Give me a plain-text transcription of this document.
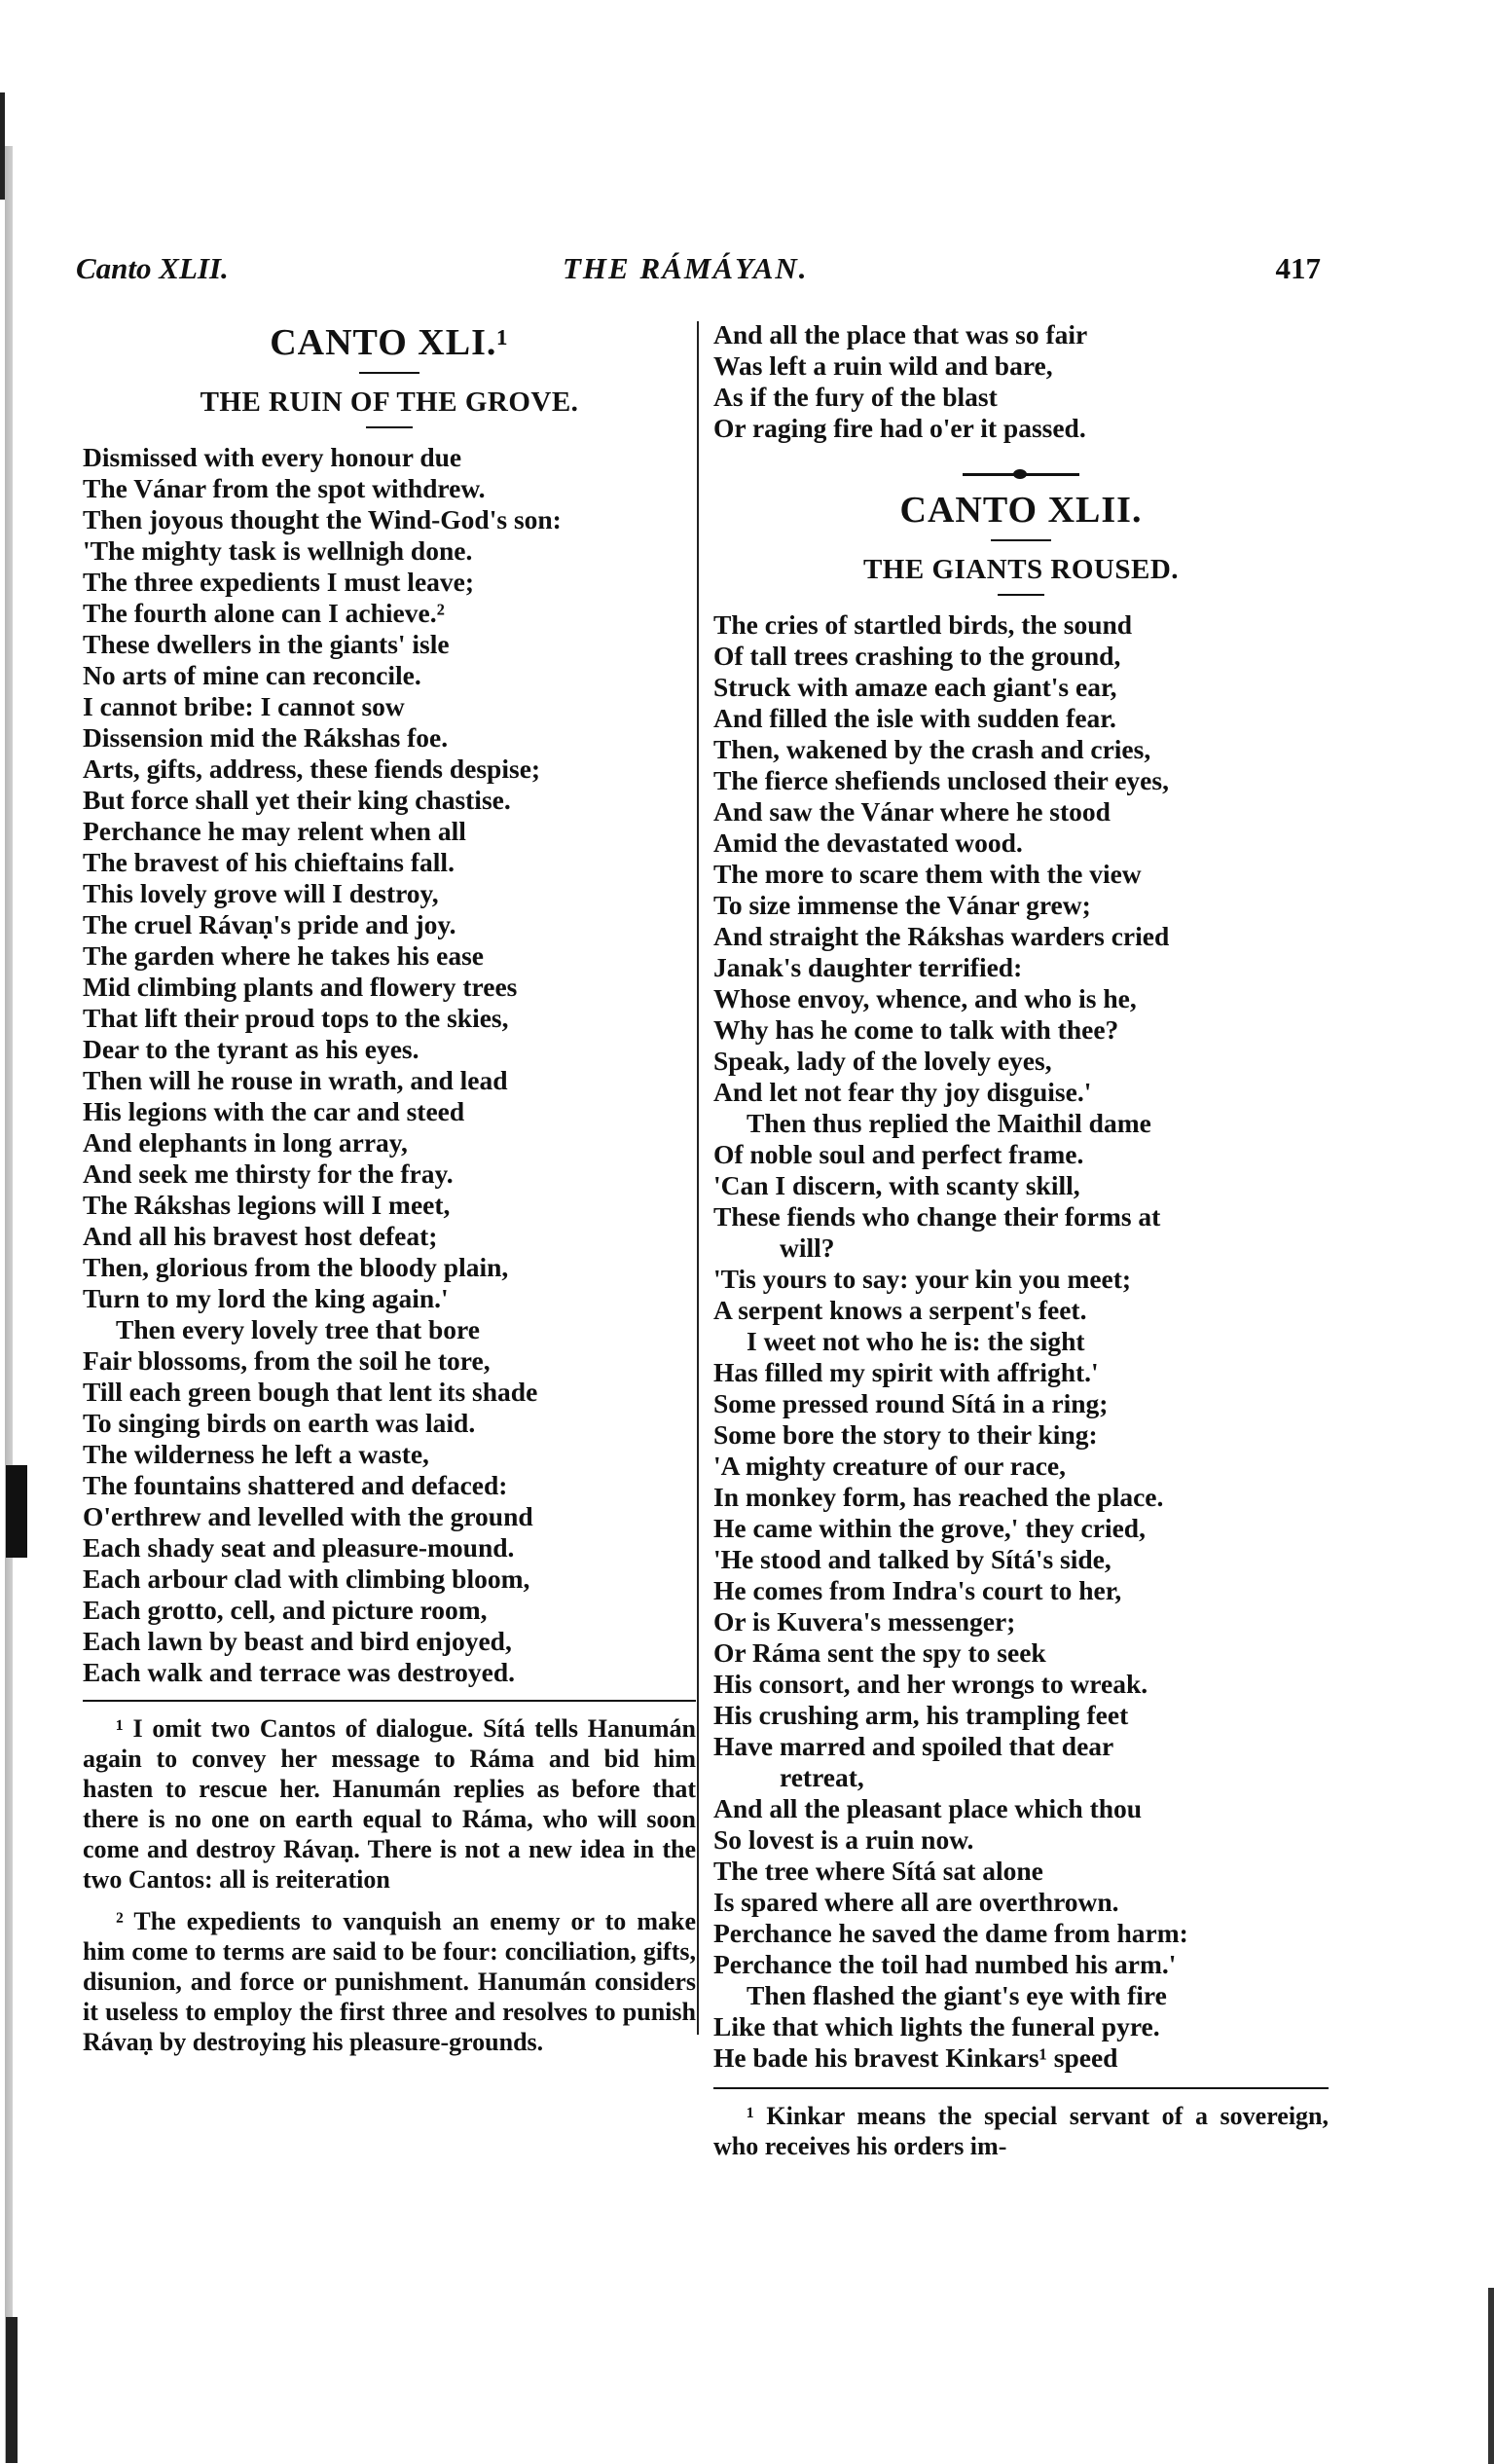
Canto XLII.	THE RÁMÁYAN.	417
CANTO XLI.¹
THE RUIN OF THE GROVE.
Dismissed with every honour due
The Vánar from the spot withdrew.
Then joyous thought the Wind-God's son:
'The mighty task is wellnigh done.
The three expedients I must leave;
The fourth alone can I achieve.²
These dwellers in the giants' isle
No arts of mine can reconcile.
I cannot bribe: I cannot sow
Dissension mid the Rákshas foe.
Arts, gifts, address, these fiends despise;
But force shall yet their king chastise.
Perchance he may relent when all
The bravest of his chieftains fall.
This lovely grove will I destroy,
The cruel Rávaṇ's pride and joy.
The garden where he takes his ease
Mid climbing plants and flowery trees
That lift their proud tops to the skies,
Dear to the tyrant as his eyes.
Then will he rouse in wrath, and lead
His legions with the car and steed
And elephants in long array,
And seek me thirsty for the fray.
The Rákshas legions will I meet,
And all his bravest host defeat;
Then, glorious from the bloody plain,
Turn to my lord the king again.'
Then every lovely tree that bore
Fair blossoms, from the soil he tore,
Till each green bough that lent its shade
To singing birds on earth was laid.
The wilderness he left a waste,
The fountains shattered and defaced:
O'erthrew and levelled with the ground
Each shady seat and pleasure-mound.
Each arbour clad with climbing bloom,
Each grotto, cell, and picture room,
Each lawn by beast and bird enjoyed,
Each walk and terrace was destroyed.

¹ I omit two Cantos of dialogue. Sítá tells Hanumán again to convey her message to Ráma and bid him hasten to rescue her. Hanumán replies as before that there is no one on earth equal to Ráma, who will soon come and destroy Rávaṇ. There is not a new idea in the two Cantos: all is reiteration

² The expedients to vanquish an enemy or to make him come to terms are said to be four: conciliation, gifts, disunion, and force or punishment. Hanumán considers it useless to employ the first three and resolves to punish Rávaṇ by destroying his pleasure-grounds.

And all the place that was so fair
Was left a ruin wild and bare,
As if the fury of the blast
Or raging fire had o'er it passed.
CANTO XLII.
THE GIANTS ROUSED.
The cries of startled birds, the sound
Of tall trees crashing to the ground,
Struck with amaze each giant's ear,
And filled the isle with sudden fear.
Then, wakened by the crash and cries,
The fierce shefiends unclosed their eyes,
And saw the Vánar where he stood
Amid the devastated wood.
The more to scare them with the view
To size immense the Vánar grew;
And straight the Rákshas warders cried
Janak's daughter terrified:
Whose envoy, whence, and who is he,
Why has he come to talk with thee?
Speak, lady of the lovely eyes,
And let not fear thy joy disguise.'
Then thus replied the Maithil dame
Of noble soul and perfect frame.
'Can I discern, with scanty skill,
These fiends who change their forms at
will?
'Tis yours to say: your kin you meet;
A serpent knows a serpent's feet.
I weet not who he is: the sight
Has filled my spirit with affright.'
Some pressed round Sítá in a ring;
Some bore the story to their king:
'A mighty creature of our race,
In monkey form, has reached the place.
He came within the grove,' they cried,
'He stood and talked by Sítá's side,
He comes from Indra's court to her,
Or is Kuvera's messenger;
Or Ráma sent the spy to seek
His consort, and her wrongs to wreak.
His crushing arm, his trampling feet
Have marred and spoiled that dear
retreat,
And all the pleasant place which thou
So lovest is a ruin now.
The tree where Sítá sat alone
Is spared where all are overthrown.
Perchance he saved the dame from harm:
Perchance the toil had numbed his arm.'
Then flashed the giant's eye with fire
Like that which lights the funeral pyre.
He bade his bravest Kinkars¹ speed

¹ Kinkar means the special servant of a sovereign, who receives his orders im-
